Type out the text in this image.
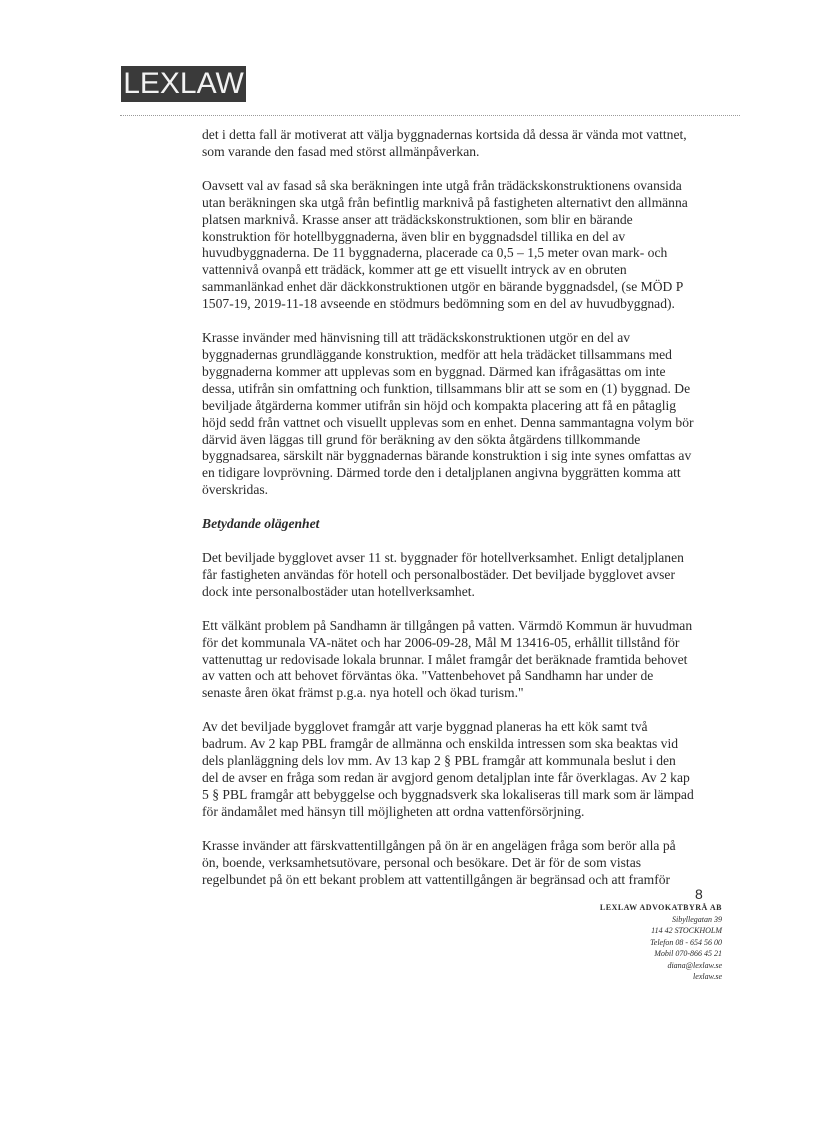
LEXLAW

det i detta fall är motiverat att välja byggnadernas kortsida då dessa är vända mot vattnet, som varande den fasad med störst allmänpåverkan.

Oavsett val av fasad så ska beräkningen inte utgå från trädäckskonstruktionens ovansida utan beräkningen ska utgå från befintlig marknivå på fastigheten alternativt den allmänna platsen marknivå. Krasse anser att trädäckskonstruktionen, som blir en bärande konstruktion för hotellbyggnaderna, även blir en byggnadsdel tillika en del av huvudbyggnaderna. De 11 byggnaderna, placerade ca 0,5 – 1,5 meter ovan mark- och vattennivå ovanpå ett trädäck, kommer att ge ett visuellt intryck av en obruten sammanlänkad enhet där däckkonstruktionen utgör en bärande byggnadsdel, (se MÖD P 1507-19, 2019-11-18 avseende en stödmurs bedömning som en del av huvudbyggnad).

Krasse invänder med hänvisning till att trädäckskonstruktionen utgör en del av byggnadernas grundläggande konstruktion, medför att hela trädäcket tillsammans med byggnaderna kommer att upplevas som en byggnad. Därmed kan ifrågasättas om inte dessa, utifrån sin omfattning och funktion, tillsammans blir att se som en (1) byggnad. De beviljade åtgärderna kommer utifrån sin höjd och kompakta placering att få en påtaglig höjd sedd från vattnet och visuellt upplevas som en enhet. Denna sammantagna volym bör därvid även läggas till grund för beräkning av den sökta åtgärdens tillkommande byggnadsarea, särskilt när byggnadernas bärande konstruktion i sig inte synes omfattas av en tidigare lovprövning. Därmed torde den i detaljplanen angivna byggrätten komma att överskridas.

Betydande olägenhet

Det beviljade bygglovet avser 11 st. byggnader för hotellverksamhet. Enligt detaljplanen får fastigheten användas för hotell och personalbostäder. Det beviljade bygglovet avser dock inte personalbostäder utan hotellverksamhet.

Ett välkänt problem på Sandhamn är tillgången på vatten. Värmdö Kommun är huvudman för det kommunala VA-nätet och har 2006-09-28, Mål M 13416-05, erhållit tillstånd för vattenuttag ur redovisade lokala brunnar. I målet framgår det beräknade framtida behovet av vatten och att behovet förväntas öka. "Vattenbehovet på Sandhamn har under de senaste åren ökat främst p.g.a. nya hotell och ökad turism."

Av det beviljade bygglovet framgår att varje byggnad planeras ha ett kök samt två badrum. Av 2 kap PBL framgår de allmänna och enskilda intressen som ska beaktas vid dels planläggning dels lov mm. Av 13 kap 2 § PBL framgår att kommunala beslut i den del de avser en fråga som redan är avgjord genom detaljplan inte får överklagas. Av 2 kap 5 § PBL framgår att bebyggelse och byggnadsverk ska lokaliseras till mark som är lämpad för ändamålet med hänsyn till möjligheten att ordna vattenförsörjning.

Krasse invänder att färskvattentillgången på ön är en angelägen fråga som berör alla på ön, boende, verksamhetsutövare, personal och besökare. Det är för de som vistas regelbundet på ön ett bekant problem att vattentillgången är begränsad och att framför

8
LEXLAW ADVOKATBYRÅ AB
Sibyllegatan 39
114 42 STOCKHOLM
Telefon 08 - 654 56 00
Mobil 070-866 45 21
diana@lexlaw.se
lexlaw.se
